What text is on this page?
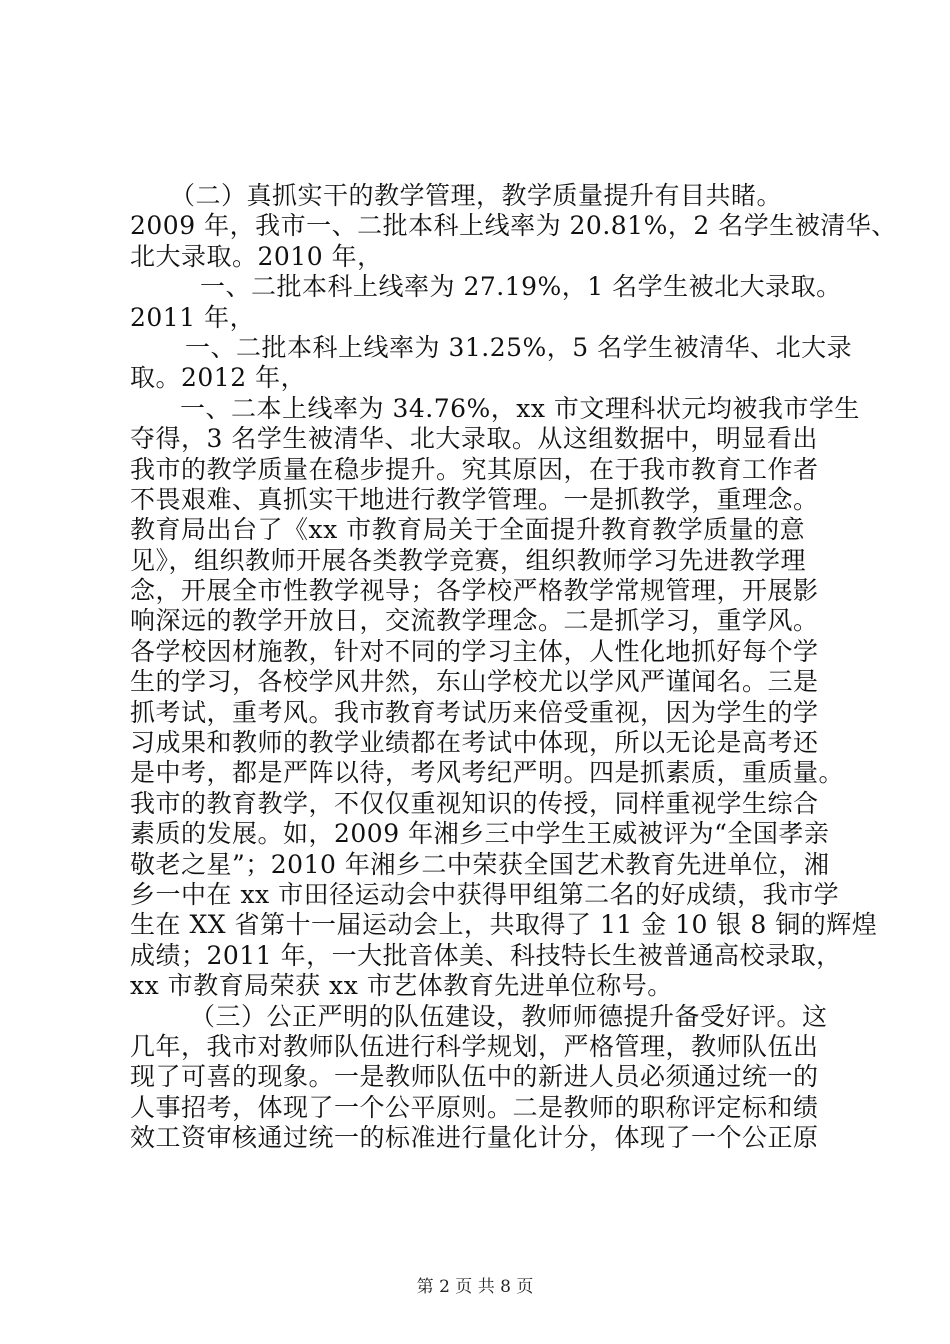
（二）真抓实干的教学管理，教学质量提升有目共睹。
2009 年，我市一、二批本科上线率为 20.81%，2 名学生被清华、
北大录取。2010 年，
一、二批本科上线率为 27.19%，1 名学生被北大录取。
2011 年，
一、二批本科上线率为 31.25%，5 名学生被清华、北大录
取。2012 年，
一、二本上线率为 34.76%，xx 市文理科状元均被我市学生
夺得，3 名学生被清华、北大录取。从这组数据中，明显看出
我市的教学质量在稳步提升。究其原因，在于我市教育工作者
不畏艰难、真抓实干地进行教学管理。一是抓教学，重理念。
教育局出台了《xx 市教育局关于全面提升教育教学质量的意
见》，组织教师开展各类教学竞赛，组织教师学习先进教学理
念，开展全市性教学视导；各学校严格教学常规管理，开展影
响深远的教学开放日，交流教学理念。二是抓学习，重学风。
各学校因材施教，针对不同的学习主体，人性化地抓好每个学
生的学习，各校学风井然，东山学校尤以学风严谨闻名。三是
抓考试，重考风。我市教育考试历来倍受重视，因为学生的学
习成果和教师的教学业绩都在考试中体现，所以无论是高考还
是中考，都是严阵以待，考风考纪严明。四是抓素质，重质量。
我市的教育教学，不仅仅重视知识的传授，同样重视学生综合
素质的发展。如，2009 年湘乡三中学生王威被评为“全国孝亲
敬老之星”；2010 年湘乡二中荣获全国艺术教育先进单位，湘
乡一中在 xx 市田径运动会中获得甲组第二名的好成绩，我市学
生在 XX 省第十一届运动会上，共取得了 11 金 10 银 8 铜的辉煌
成绩；2011 年，一大批音体美、科技特长生被普通高校录取，
xx 市教育局荣获 xx 市艺体教育先进单位称号。
（三）公正严明的队伍建设，教师师德提升备受好评。这
几年，我市对教师队伍进行科学规划，严格管理，教师队伍出
现了可喜的现象。一是教师队伍中的新进人员必须通过统一的
人事招考，体现了一个公平原则。二是教师的职称评定标和绩
效工资审核通过统一的标准进行量化计分，体现了一个公正原
第 2 页 共 8 页
